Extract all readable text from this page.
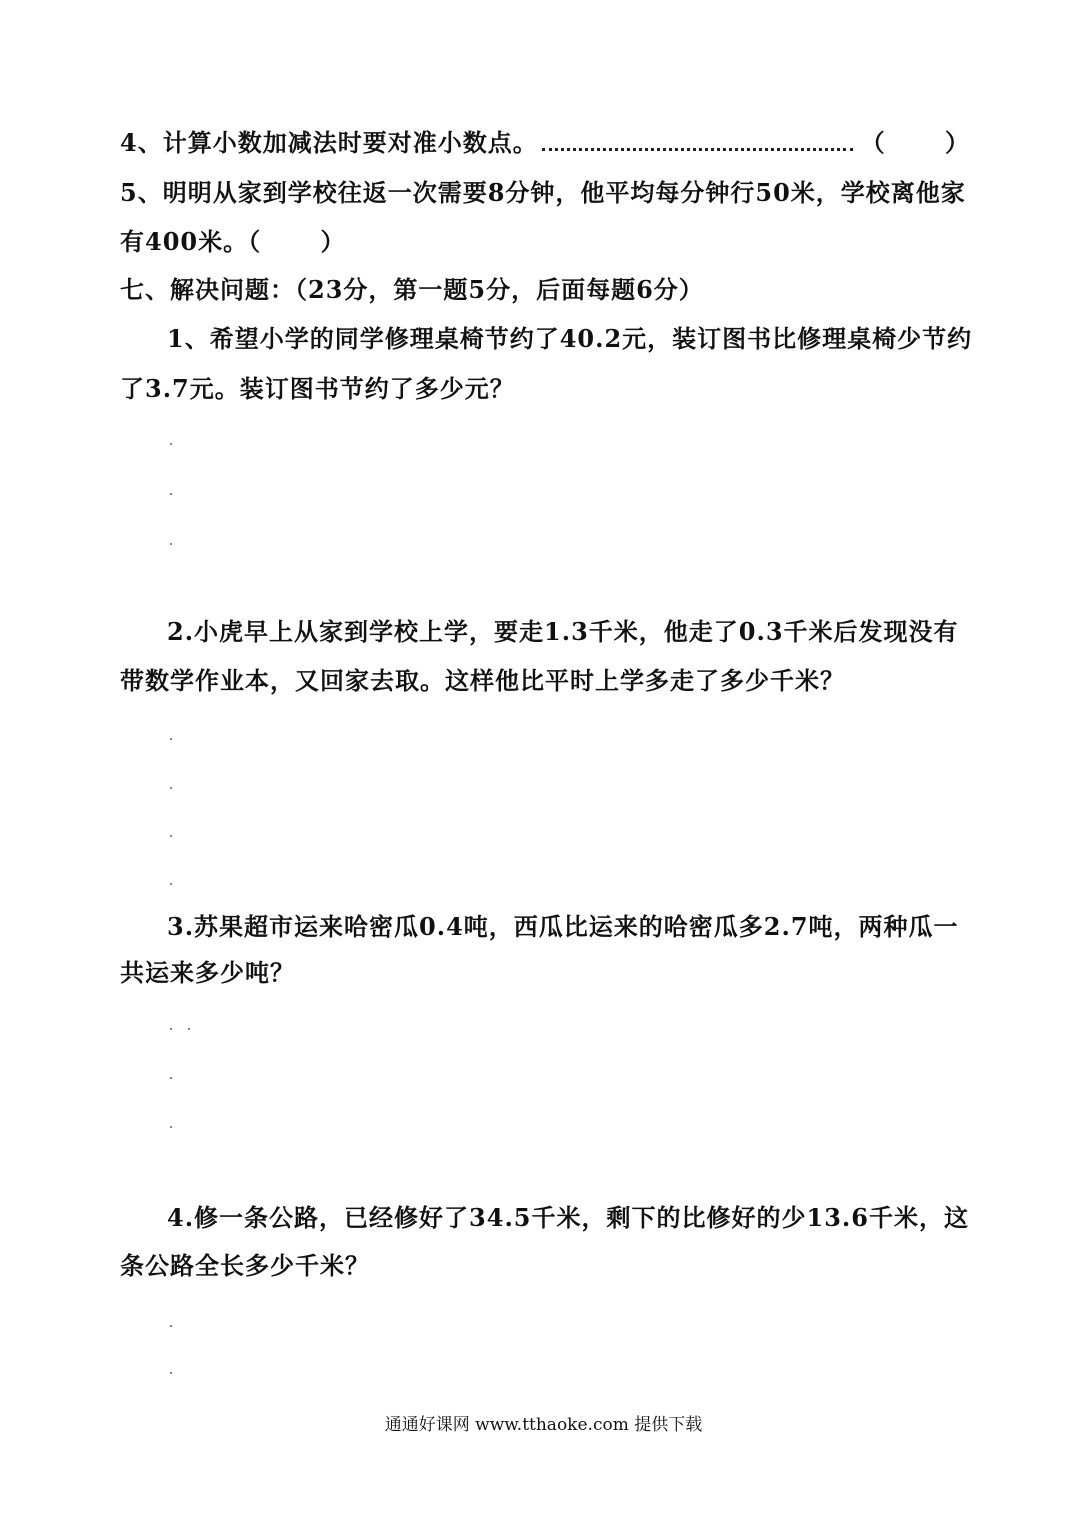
4、计算小数加减法时要对准小数点。	（ 　　）
5、明明从家到学校往返一次需要8分钟，他平均每分钟行50米，学校离他家
有400米。（ 　　）
七、解决问题：（23分，第一题5分，后面每题6分）
1、希望小学的同学修理桌椅节约了40.2元，装订图书比修理桌椅少节约
了3.7元。装订图书节约了多少元？
2.小虎早上从家到学校上学，要走1.3千米，他走了0.3千米后发现没有
带数学作业本，又回家去取。这样他比平时上学多走了多少千米？
3.苏果超市运来哈密瓜0.4吨，西瓜比运来的哈密瓜多2.7吨，两种瓜一
共运来多少吨？
4.修一条公路，已经修好了34.5千米，剩下的比修好的少13.6千米，这
条公路全长多少千米？
通通好课网 www.tthaoke.com 提供下载
